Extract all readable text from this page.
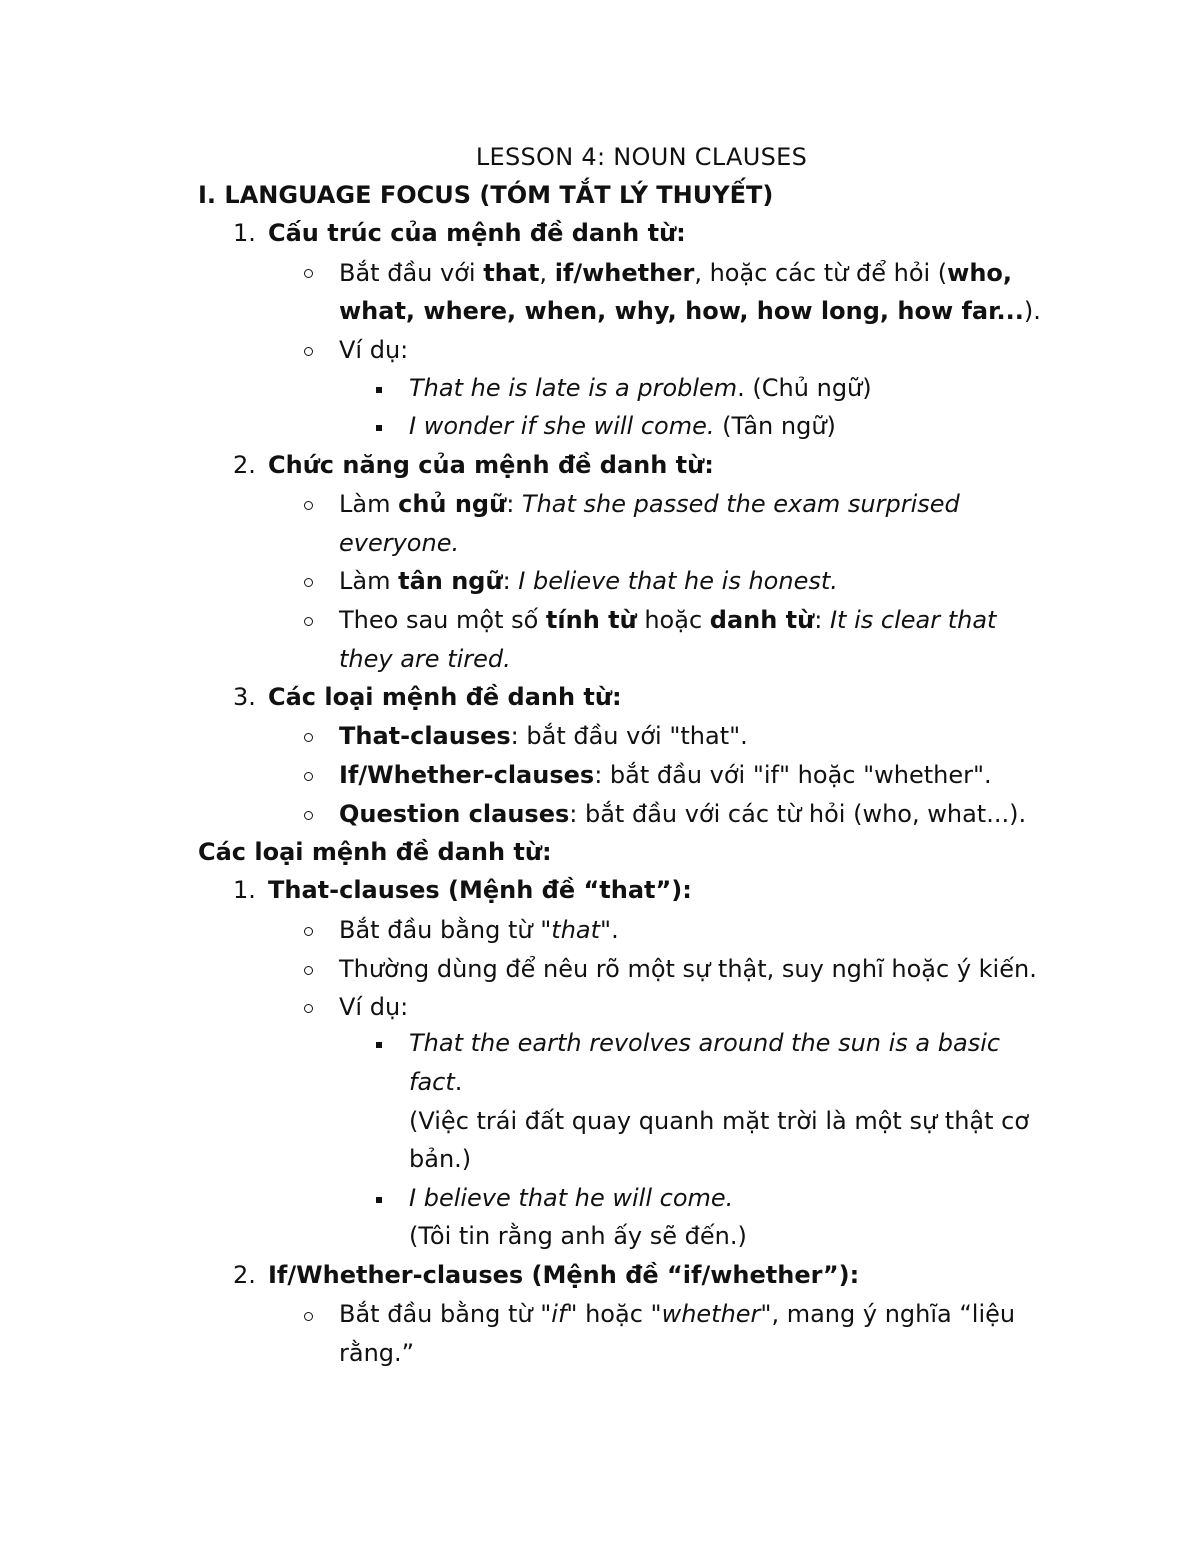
LESSON 4: NOUN CLAUSES
I. LANGUAGE FOCUS (TÓM TẮT LÝ THUYẾT)
1. Cấu trúc của mệnh đề danh từ:
Bắt đầu với that, if/whether, hoặc các từ để hỏi (who,
what, where, when, why, how, how long, how far...).
Ví dụ:
That he is late is a problem. (Chủ ngữ)
I wonder if she will come. (Tân ngữ)
2. Chức năng của mệnh đề danh từ:
Làm chủ ngữ: That she passed the exam surprised
everyone.
Làm tân ngữ: I believe that he is honest.
Theo sau một số tính từ hoặc danh từ: It is clear that
they are tired.
3. Các loại mệnh đề danh từ:
That-clauses: bắt đầu với "that".
If/Whether-clauses: bắt đầu với "if" hoặc "whether".
Question clauses: bắt đầu với các từ hỏi (who, what...).
Các loại mệnh đề danh từ:
1. That-clauses (Mệnh đề “that”):
Bắt đầu bằng từ "that".
Thường dùng để nêu rõ một sự thật, suy nghĩ hoặc ý kiến.
Ví dụ:
That the earth revolves around the sun is a basic
fact.
(Việc trái đất quay quanh mặt trời là một sự thật cơ
bản.)
I believe that he will come.
(Tôi tin rằng anh ấy sẽ đến.)
2. If/Whether-clauses (Mệnh đề “if/whether”):
Bắt đầu bằng từ "if" hoặc "whether", mang ý nghĩa “liệu
rằng.”
